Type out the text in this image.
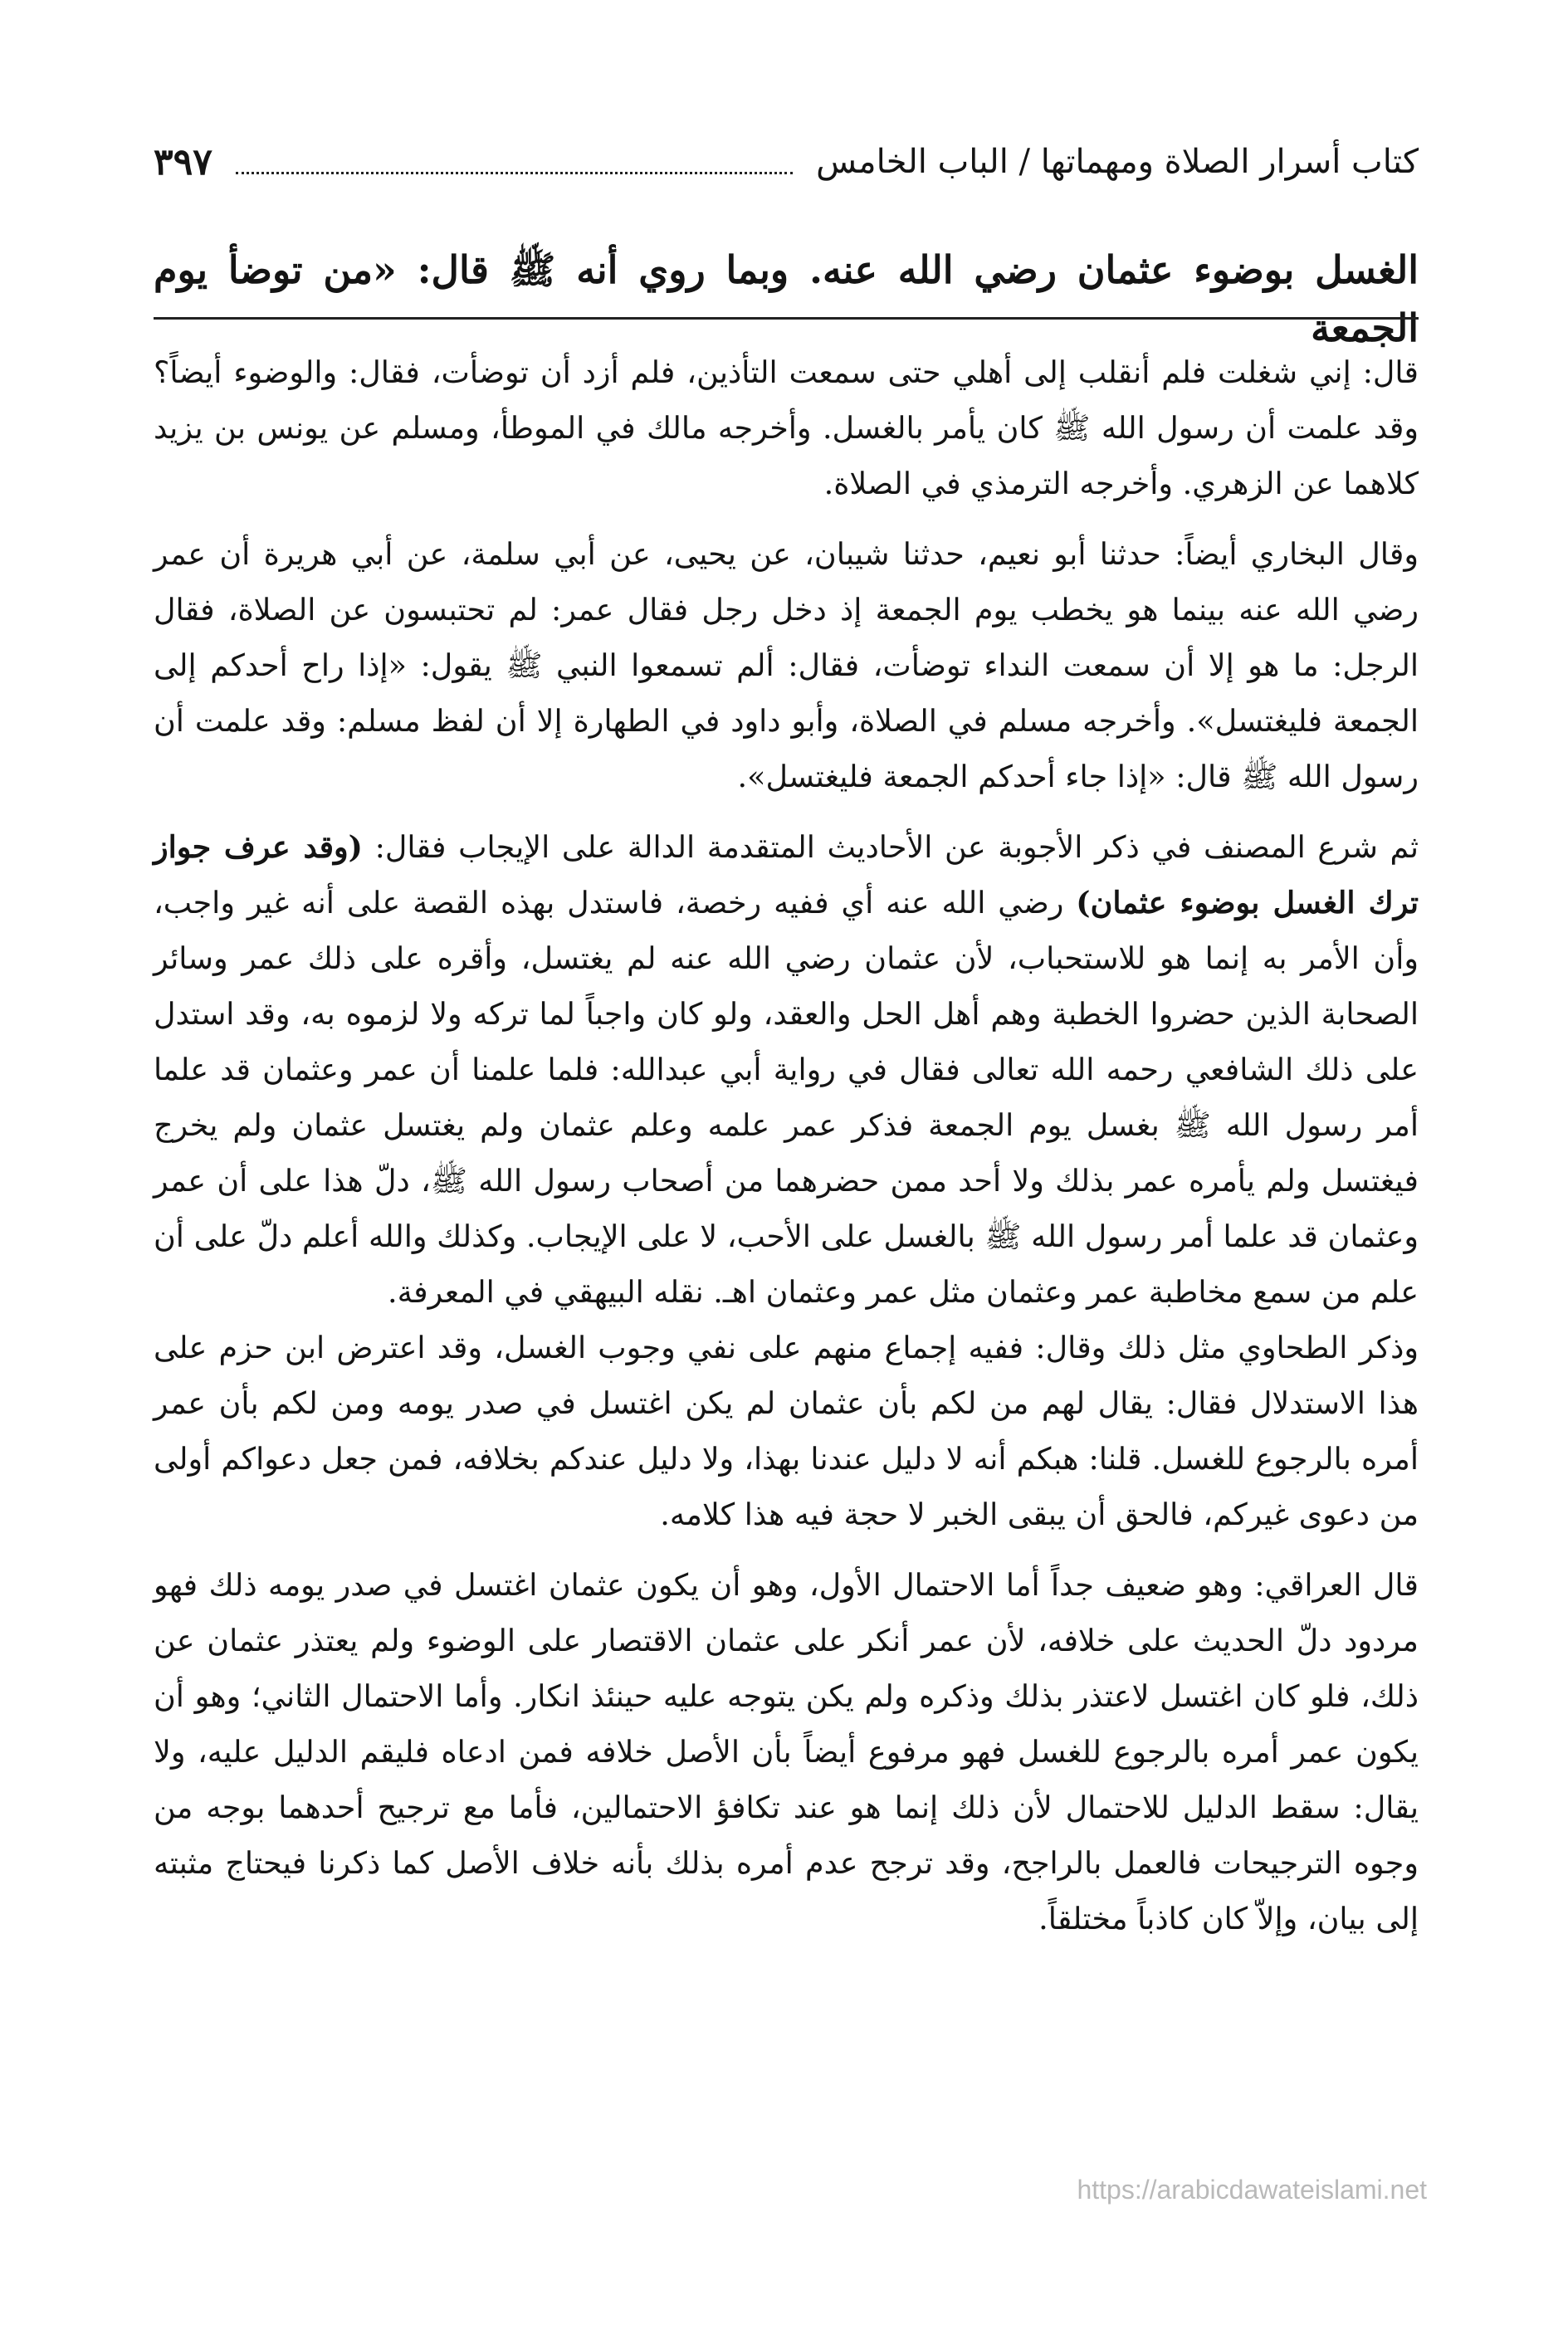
كتاب أسرار الصلاة ومهماتها / الباب الخامس
٣٩٧
الغسل بوضوء عثمان رضي الله عنه. وبما روي أنه ﷺ قال: «من توضأ يوم الجمعة

قال: إني شغلت فلم أنقلب إلى أهلي حتى سمعت التأذين، فلم أزد أن توضأت، فقال: والوضوء أيضاً؟ وقد علمت أن رسول الله ﷺ كان يأمر بالغسل. وأخرجه مالك في الموطأ، ومسلم عن يونس بن يزيد كلاهما عن الزهري. وأخرجه الترمذي في الصلاة.

وقال البخاري أيضاً: حدثنا أبو نعيم، حدثنا شيبان، عن يحيى، عن أبي سلمة، عن أبي هريرة أن عمر رضي الله عنه بينما هو يخطب يوم الجمعة إذ دخل رجل فقال عمر: لم تحتبسون عن الصلاة، فقال الرجل: ما هو إلا أن سمعت النداء توضأت، فقال: ألم تسمعوا النبي ﷺ يقول: «إذا راح أحدكم إلى الجمعة فليغتسل». وأخرجه مسلم في الصلاة، وأبو داود في الطهارة إلا أن لفظ مسلم: وقد علمت أن رسول الله ﷺ قال: «إذا جاء أحدكم الجمعة فليغتسل».

ثم شرع المصنف في ذكر الأجوبة عن الأحاديث المتقدمة الدالة على الإيجاب فقال: (وقد عرف جواز ترك الغسل بوضوء عثمان) رضي الله عنه أي ففيه رخصة، فاستدل بهذه القصة على أنه غير واجب، وأن الأمر به إنما هو للاستحباب، لأن عثمان رضي الله عنه لم يغتسل، وأقره على ذلك عمر وسائر الصحابة الذين حضروا الخطبة وهم أهل الحل والعقد، ولو كان واجباً لما تركه ولا لزموه به، وقد استدل على ذلك الشافعي رحمه الله تعالى فقال في رواية أبي عبدالله: فلما علمنا أن عمر وعثمان قد علما أمر رسول الله ﷺ بغسل يوم الجمعة فذكر عمر علمه وعلم عثمان ولم يغتسل عثمان ولم يخرج فيغتسل ولم يأمره عمر بذلك ولا أحد ممن حضرهما من أصحاب رسول الله ﷺ، دلّ هذا على أن عمر وعثمان قد علما أمر رسول الله ﷺ بالغسل على الأحب، لا على الإيجاب. وكذلك والله أعلم دلّ على أن علم من سمع مخاطبة عمر وعثمان مثل عمر وعثمان اهـ. نقله البيهقي في المعرفة.

وذكر الطحاوي مثل ذلك وقال: ففيه إجماع منهم على نفي وجوب الغسل، وقد اعترض ابن حزم على هذا الاستدلال فقال: يقال لهم من لكم بأن عثمان لم يكن اغتسل في صدر يومه ومن لكم بأن عمر أمره بالرجوع للغسل. قلنا: هبكم أنه لا دليل عندنا بهذا، ولا دليل عندكم بخلافه، فمن جعل دعواكم أولى من دعوى غيركم، فالحق أن يبقى الخبر لا حجة فيه هذا كلامه.

قال العراقي: وهو ضعيف جداً أما الاحتمال الأول، وهو أن يكون عثمان اغتسل في صدر يومه ذلك فهو مردود دلّ الحديث على خلافه، لأن عمر أنكر على عثمان الاقتصار على الوضوء ولم يعتذر عثمان عن ذلك، فلو كان اغتسل لاعتذر بذلك وذكره ولم يكن يتوجه عليه حينئذ انكار. وأما الاحتمال الثاني؛ وهو أن يكون عمر أمره بالرجوع للغسل فهو مرفوع أيضاً بأن الأصل خلافه فمن ادعاه فليقم الدليل عليه، ولا يقال: سقط الدليل للاحتمال لأن ذلك إنما هو عند تكافؤ الاحتمالين، فأما مع ترجيح أحدهما بوجه من وجوه الترجيحات فالعمل بالراجح، وقد ترجح عدم أمره بذلك بأنه خلاف الأصل كما ذكرنا فيحتاج مثبته إلى بيان، وإلاّ كان كاذباً مختلقاً.

https://arabicdawateislami.net
